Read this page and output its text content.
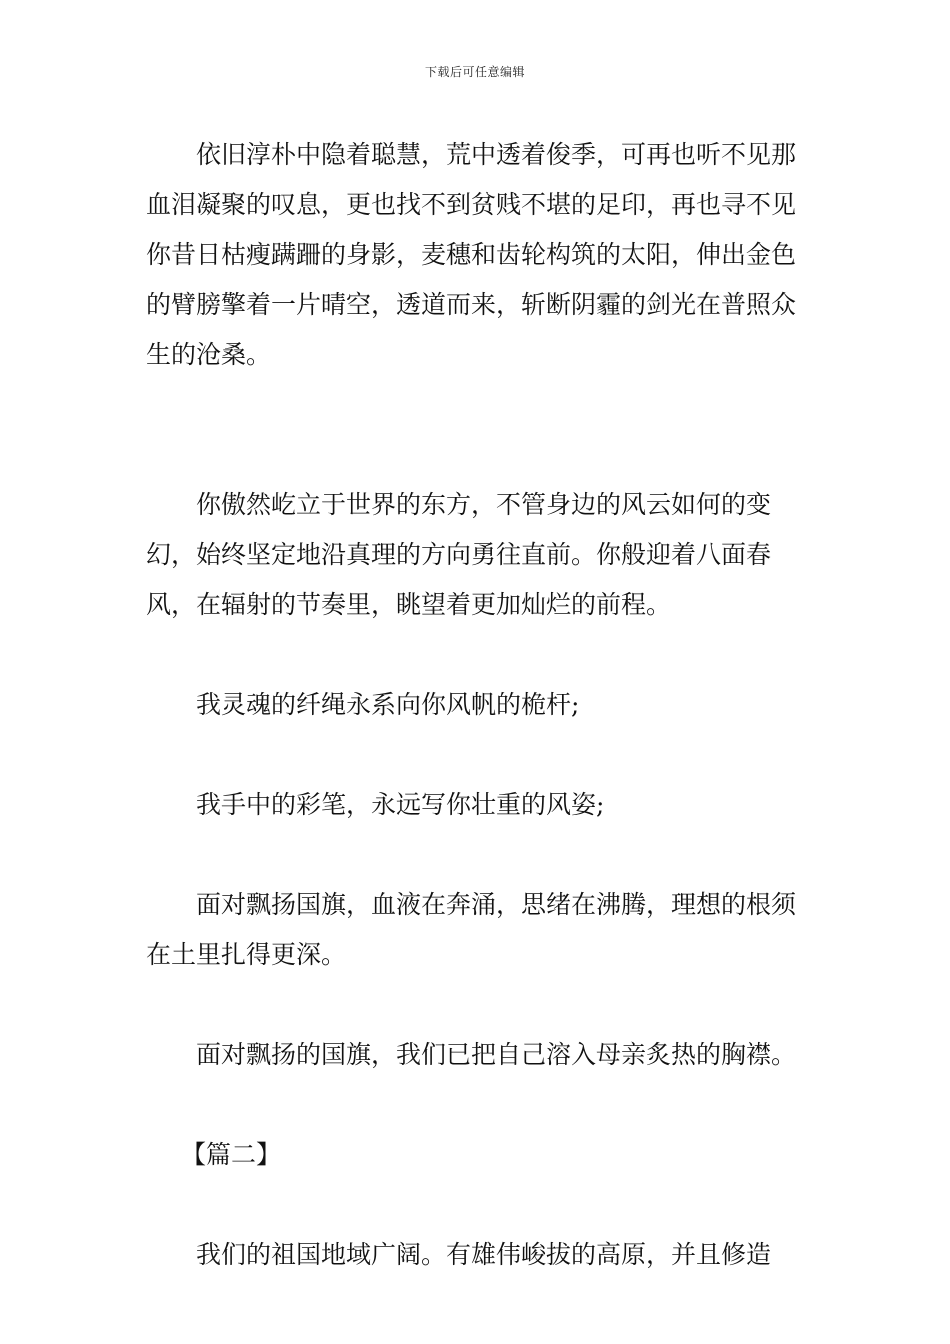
下载后可任意编辑

依旧淳朴中隐着聪慧，荒中透着俊季，可再也听不见那血泪凝聚的叹息，更也找不到贫贱不堪的足印，再也寻不见你昔日枯瘦蹒跚的身影，麦穗和齿轮构筑的太阳，伸出金色的臂膀擎着一片晴空，透道而来，斩断阴霾的剑光在普照众生的沧桑。

你傲然屹立于世界的东方，不管身边的风云如何的变幻，始终坚定地沿真理的方向勇往直前。你般迎着八面春风，在辐射的节奏里，眺望着更加灿烂的前程。

我灵魂的纤绳永系向你风帆的桅杆;

我手中的彩笔，永远写你壮重的风姿;

面对飘扬国旗，血液在奔涌，思绪在沸腾，理想的根须在土里扎得更深。

面对飘扬的国旗，我们已把自己溶入母亲炙热的胸襟。

【篇二】

我们的祖国地域广阔。有雄伟峻拔的高原，并且修造
